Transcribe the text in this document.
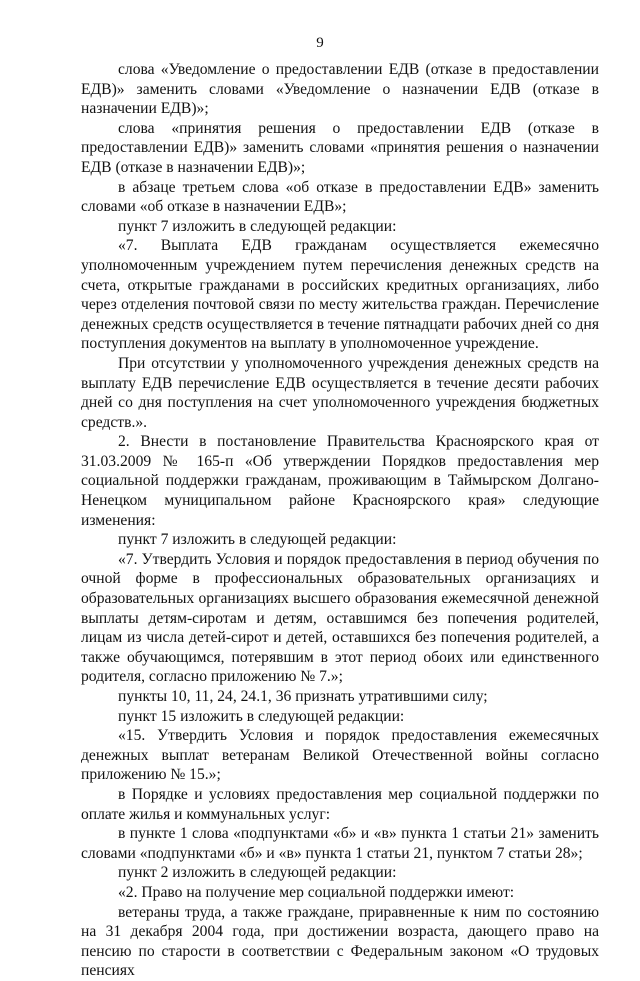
9

слова «Уведомление о предоставлении ЕДВ (отказе в предоставлении ЕДВ)» заменить словами «Уведомление о назначении ЕДВ (отказе в назначении ЕДВ)»;

слова «принятия решения о предоставлении ЕДВ (отказе в предоставлении ЕДВ)» заменить словами «принятия решения о назначении ЕДВ (отказе в назначении ЕДВ)»;

в абзаце третьем слова «об отказе в предоставлении ЕДВ» заменить словами «об отказе в назначении ЕДВ»;

пункт 7 изложить в следующей редакции:

«7. Выплата ЕДВ гражданам осуществляется ежемесячно уполномоченным учреждением путем перечисления денежных средств на счета, открытые гражданами в российских кредитных организациях, либо через отделения почтовой связи по месту жительства граждан. Перечисление денежных средств осуществляется в течение пятнадцати рабочих дней со дня поступления документов на выплату в уполномоченное учреждение.

При отсутствии у уполномоченного учреждения денежных средств на выплату ЕДВ перечисление ЕДВ осуществляется в течение десяти рабочих дней со дня поступления на счет уполномоченного учреждения бюджетных средств.».

2. Внести в постановление Правительства Красноярского края от 31.03.2009 № 165-п «Об утверждении Порядков предоставления мер социальной поддержки гражданам, проживающим в Таймырском Долгано-Ненецком муниципальном районе Красноярского края» следующие изменения:

пункт 7 изложить в следующей редакции:

«7. Утвердить Условия и порядок предоставления в период обучения по очной форме в профессиональных образовательных организациях и образовательных организациях высшего образования ежемесячной денежной выплаты детям-сиротам и детям, оставшимся без попечения родителей, лицам из числа детей-сирот и детей, оставшихся без попечения родителей, а также обучающимся, потерявшим в этот период обоих или единственного родителя, согласно приложению № 7.»;

пункты 10, 11, 24, 24.1, 36 признать утратившими силу;

пункт 15 изложить в следующей редакции:

«15. Утвердить Условия и порядок предоставления ежемесячных денежных выплат ветеранам Великой Отечественной войны согласно приложению № 15.»;

в Порядке и условиях предоставления мер социальной поддержки по оплате жилья и коммунальных услуг:

в пункте 1 слова «подпунктами «б» и «в» пункта 1 статьи 21» заменить словами «подпунктами «б» и «в» пункта 1 статьи 21, пунктом 7 статьи 28»;

пункт 2 изложить в следующей редакции:

«2. Право на получение мер социальной поддержки имеют:

ветераны труда, а также граждане, приравненные к ним по состоянию на 31 декабря 2004 года, при достижении возраста, дающего право на пенсию по старости в соответствии с Федеральным законом «О трудовых пенсиях
